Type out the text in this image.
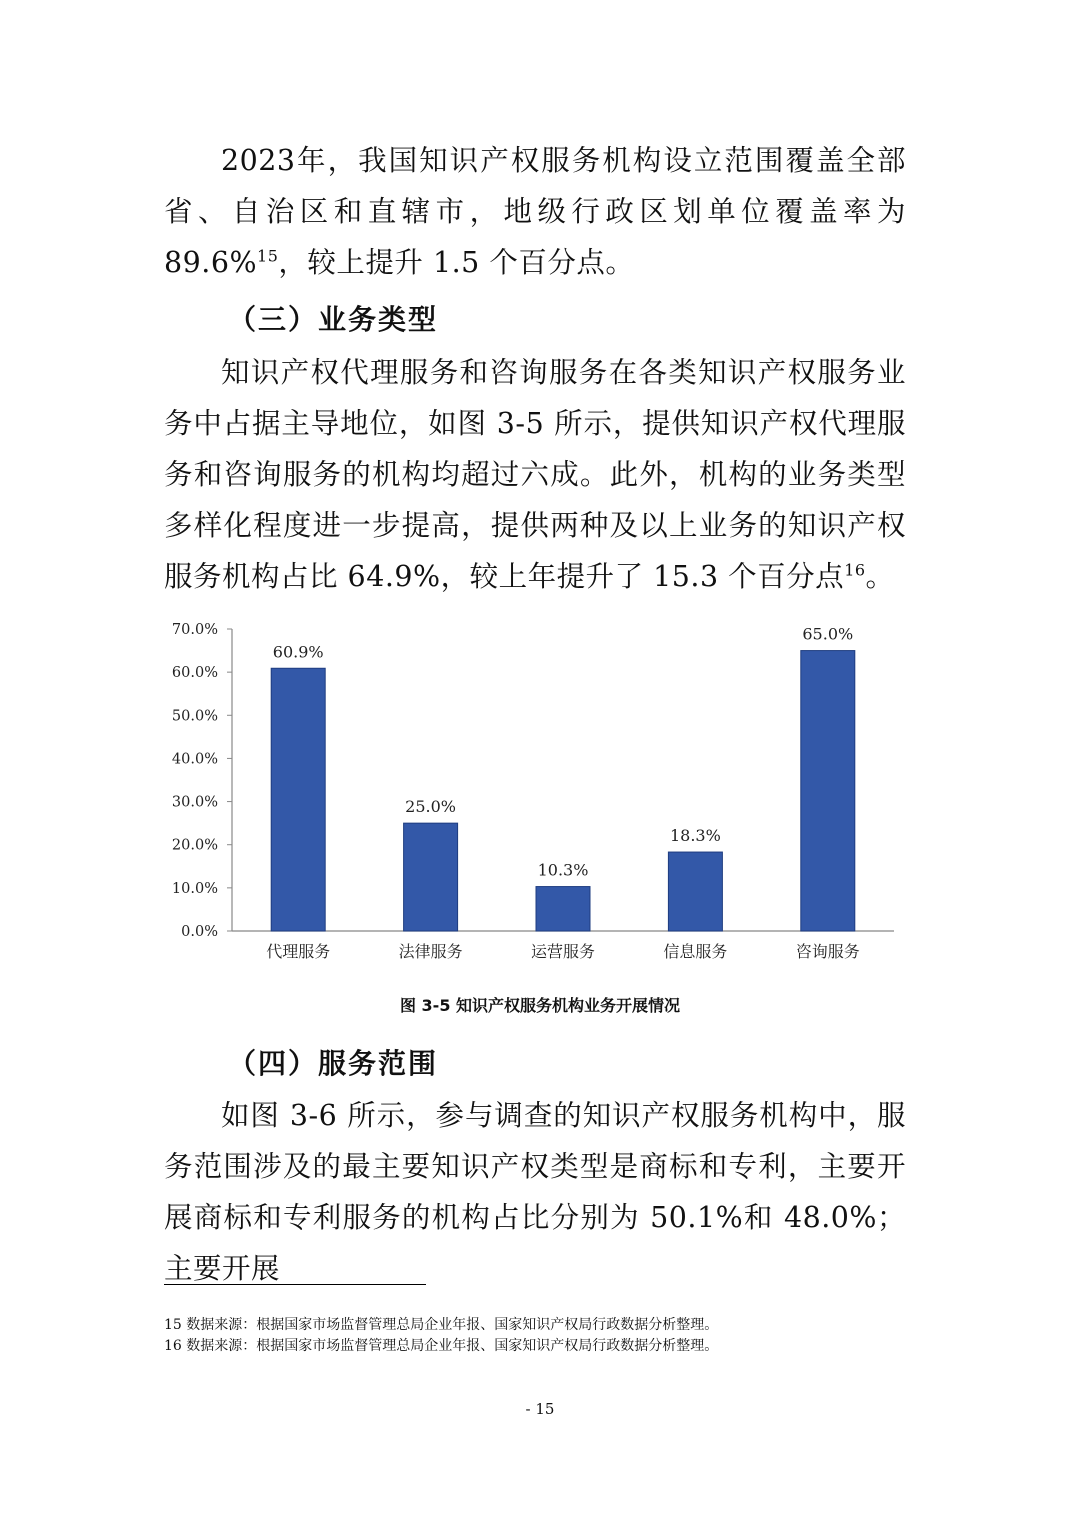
2023年，我国知识产权服务机构设立范围覆盖全部省、自治区和直辖市，地级行政区划单位覆盖率为 89.6%$^{15}$，较上提升 1.5 个百分点。

（三）业务类型

知识产权代理服务和咨询服务在各类知识产权服务业务中占据主导地位，如图 3-5 所示，提供知识产权代理服务和咨询服务的机构均超过六成。此外，机构的业务类型多样化程度进一步提高，提供两种及以上业务的知识产权服务机构占比 64.9%，较上年提升了 15.3 个百分点$^{16}$。

0.0%
10.0%
20.0%
30.0%
40.0%
50.0%
60.0%
70.0%
60.9%
代理服务
25.0%
法律服务
10.3%
运营服务
18.3%
信息服务
65.0%
咨询服务
图 3-5 知识产权服务机构业务开展情况
（四）服务范围

如图 3-6 所示，参与调查的知识产权服务机构中，服务范围涉及的最主要知识产权类型是商标和专利，主要开展商标和专利服务的机构占比分别为 50.1%和 48.0%；主要开展

15 数据来源：根据国家市场监督管理总局企业年报、国家知识产权局行政数据分析整理。
16 数据来源：根据国家市场监督管理总局企业年报、国家知识产权局行政数据分析整理。
- 15
